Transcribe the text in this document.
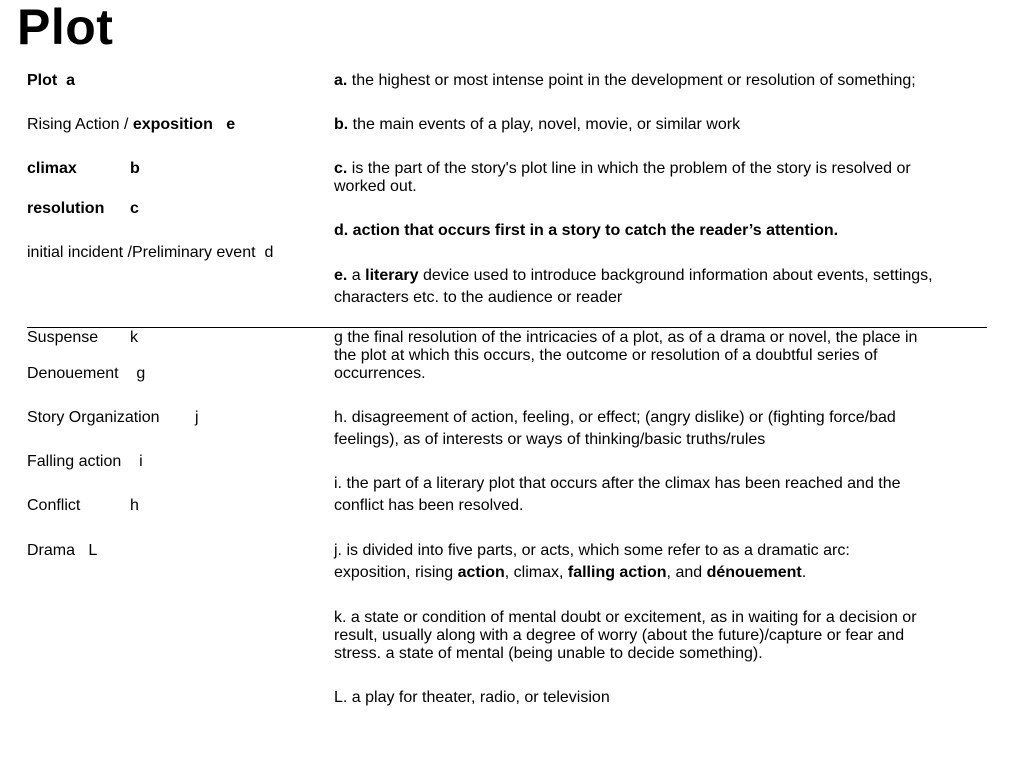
Plot
Plot a
Rising Action / exposition e
climax	b
resolution c
initial incident /Preliminary event d
a. the highest or most intense point in the development or resolution of something;
b. the main events of a play, novel, movie, or similar work
c. is the part of the story's plot line in which the problem of the story is resolved or
worked out.
d. action that occurs first in a story to catch the reader’s attention.
e. a literary device used to introduce background information about events, settings,
characters etc. to the audience or reader
Suspense k
Denouement g
Story Organization j
Falling action i
Conflict	h
Drama L
g the final resolution of the intricacies of a plot, as of a drama or novel, the place in
the plot at which this occurs, the outcome or resolution of a doubtful series of
occurrences.
h. disagreement of action, feeling, or effect; (angry dislike) or (fighting force/bad
feelings), as of interests or ways of thinking/basic truths/rules
i. the part of a literary plot that occurs after the climax has been reached and the
conflict has been resolved.
j. is divided into five parts, or acts, which some refer to as a dramatic arc:
exposition, rising action, climax, falling action, and dénouement.
k. a state or condition of mental doubt or excitement, as in waiting for a decision or
result, usually along with a degree of worry (about the future)/capture or fear and
stress. a state of mental (being unable to decide something).
L. a play for theater, radio, or television
